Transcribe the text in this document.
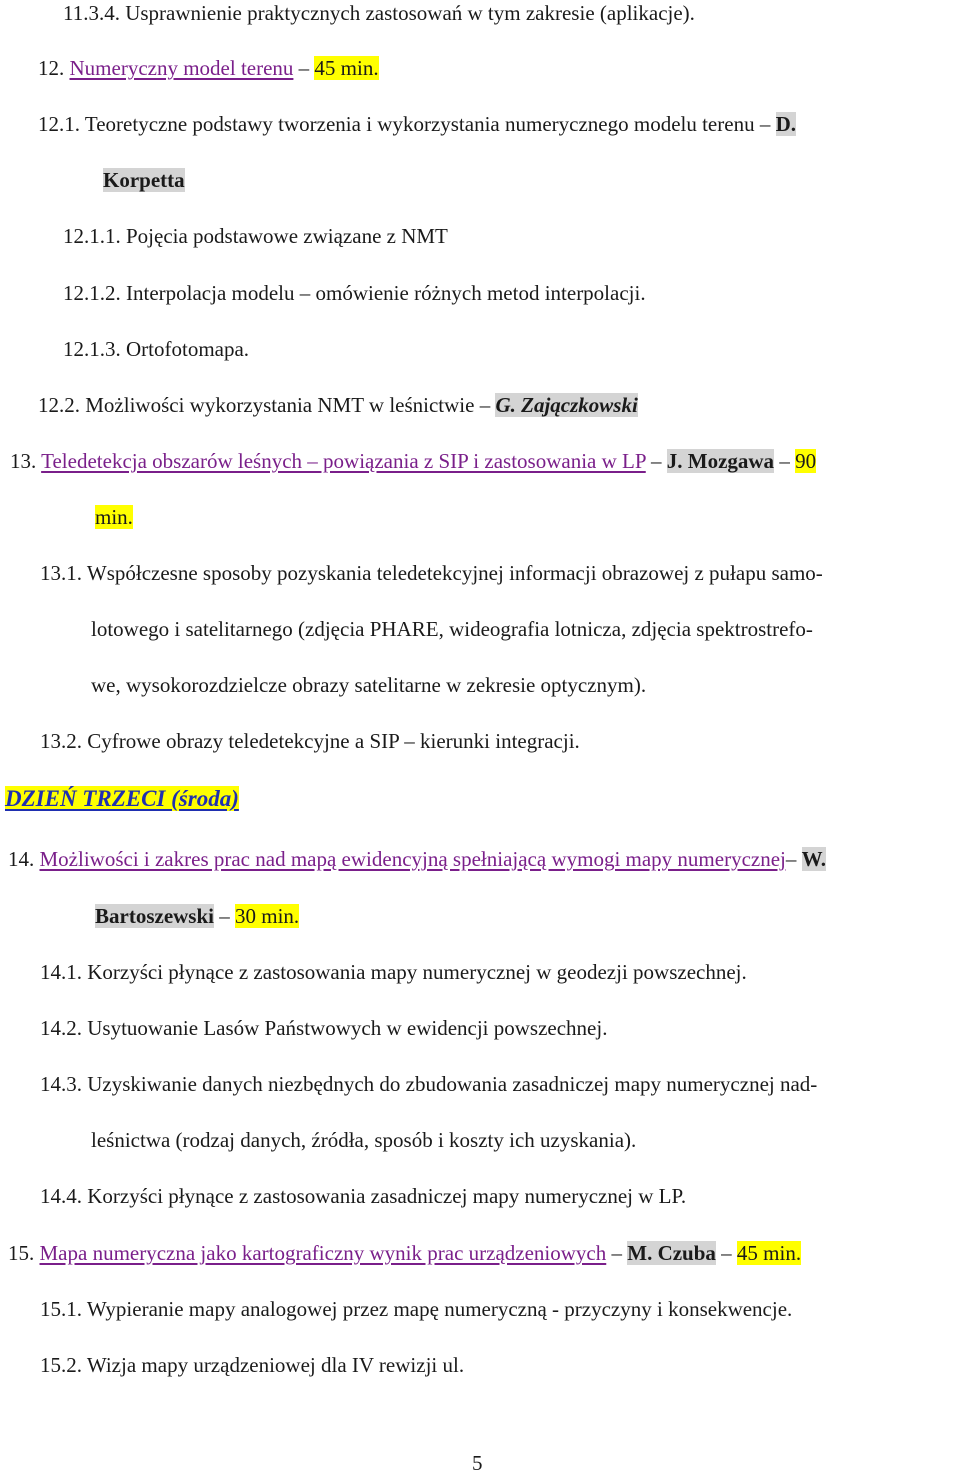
11.3.4. Usprawnienie praktycznych zastosowań w tym zakresie (aplikacje).
12. Numeryczny model terenu – 45 min.
12.1. Teoretyczne podstawy tworzenia i wykorzystania numerycznego modelu terenu – D.
Korpetta
12.1.1. Pojęcia podstawowe związane z NMT
12.1.2. Interpolacja modelu – omówienie różnych metod interpolacji.
12.1.3. Ortofotomapa.
12.2. Możliwości wykorzystania NMT w leśnictwie – G. Zajączkowski
13. Teledetekcja obszarów leśnych – powiązania z SIP i zastosowania w LP – J. Mozgawa – 90
min.
13.1. Współczesne sposoby pozyskania teledetekcyjnej informacji obrazowej z pułapu samo-
lotowego i satelitarnego (zdjęcia PHARE, wideografia lotnicza, zdjęcia spektrostrefo-
we, wysokorozdzielcze obrazy satelitarne w zekresie optycznym).
13.2. Cyfrowe obrazy teledetekcyjne a SIP – kierunki integracji.
DZIEŃ TRZECI (środa)
14. Możliwości i zakres prac nad mapą ewidencyjną spełniającą wymogi mapy numerycznej– W.
Bartoszewski – 30 min.
14.1. Korzyści płynące z zastosowania mapy numerycznej w geodezji powszechnej.
14.2. Usytuowanie Lasów Państwowych w ewidencji powszechnej.
14.3. Uzyskiwanie danych niezbędnych do zbudowania zasadniczej mapy numerycznej nad-
leśnictwa (rodzaj danych, źródła, sposób i koszty ich uzyskania).
14.4. Korzyści płynące z zastosowania zasadniczej mapy numerycznej w LP.
15. Mapa numeryczna jako kartograficzny wynik prac urządzeniowych – M. Czuba – 45 min.
15.1. Wypieranie mapy analogowej przez mapę numeryczną - przyczyny i konsekwencje.
15.2. Wizja mapy urządzeniowej dla IV rewizji ul.
5
